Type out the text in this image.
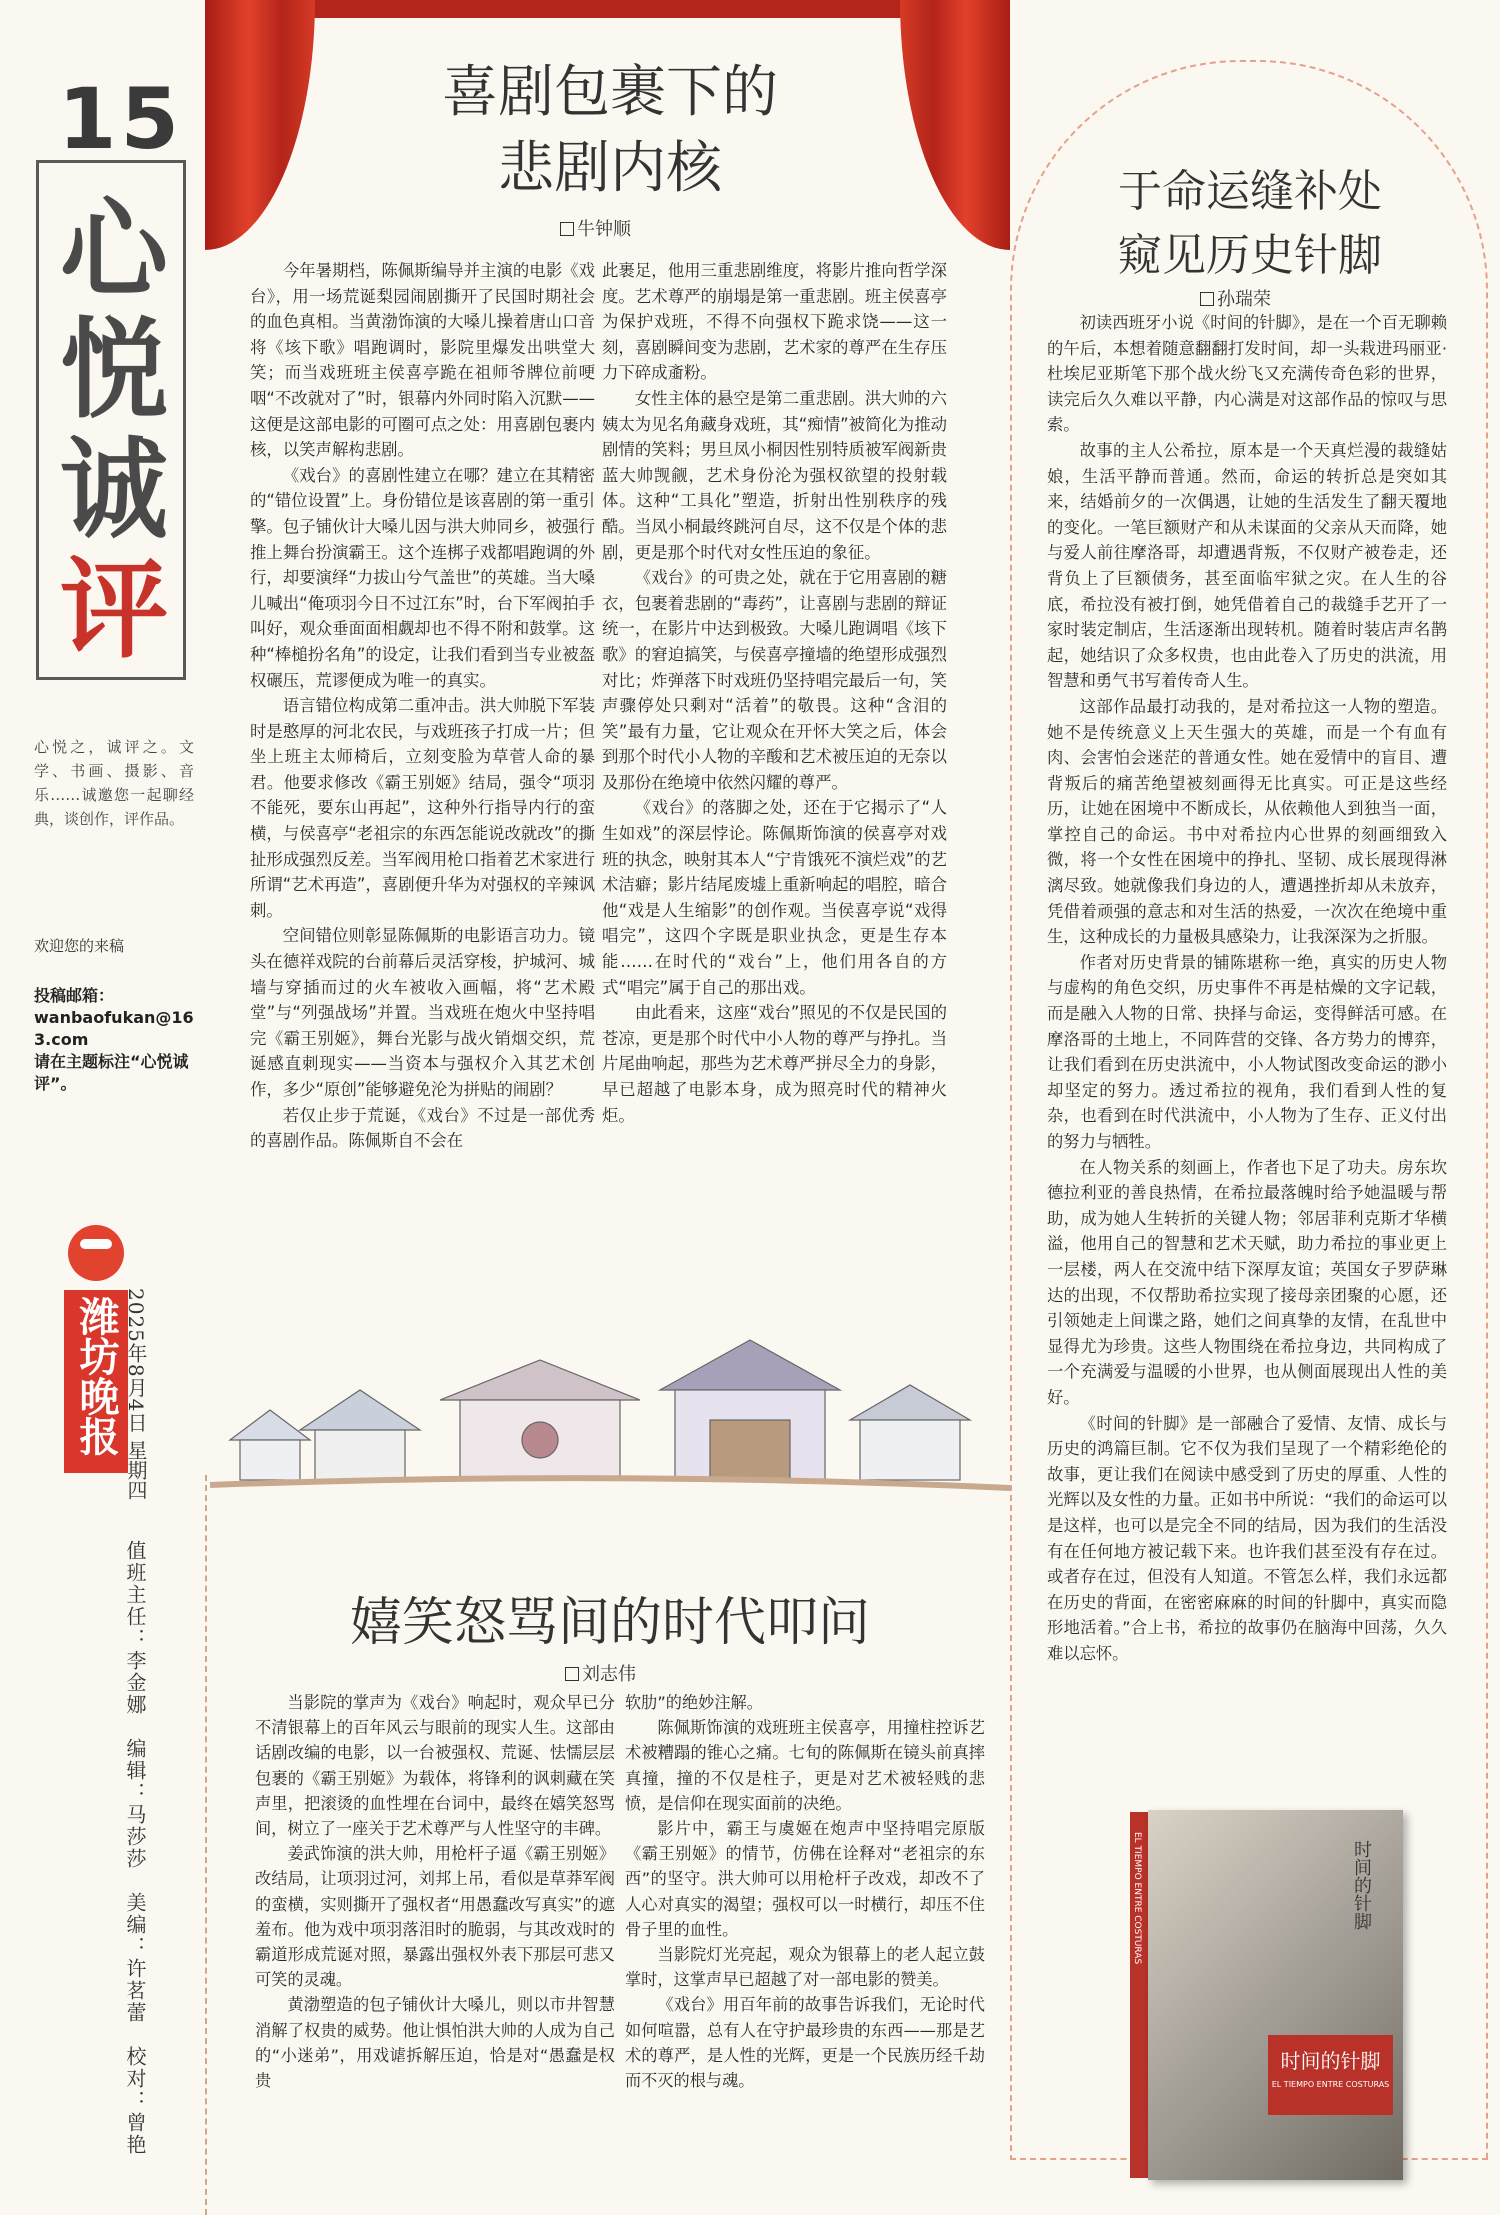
15
心
悦
诚
评
心悦之，诚评之。文学、书画、摄影、音乐……诚邀您一起聊经典，谈创作，评作品。
欢迎您的来稿
投稿邮箱：
wanbaofukan@163.com
请在主题标注“心悦诚评”。
潍坊晚报 2025年8月4日
星期四
值班主任：李金娜　编辑：马莎莎　美编：许茗蕾　校对：曾艳
喜剧包裹下的
悲剧内核
牛钟顺

今年暑期档，陈佩斯编导并主演的电影《戏台》，用一场荒诞梨园闹剧撕开了民国时期社会的血色真相。当黄渤饰演的大嗓儿操着唐山口音将《垓下歌》唱跑调时，影院里爆发出哄堂大笑；而当戏班班主侯喜亭跪在祖师爷牌位前哽咽“不改就对了”时，银幕内外同时陷入沉默——这便是这部电影的可圈可点之处：用喜剧包裹内核，以笑声解构悲剧。

《戏台》的喜剧性建立在哪？建立在其精密的“错位设置”上。身份错位是该喜剧的第一重引擎。包子铺伙计大嗓儿因与洪大帅同乡，被强行推上舞台扮演霸王。这个连梆子戏都唱跑调的外行，却要演绎“力拔山兮气盖世”的英雄。当大嗓儿喊出“俺项羽今日不过江东”时，台下军阀拍手叫好，观众垂面面相觑却也不得不附和鼓掌。这种“棒槌扮名角”的设定，让我们看到当专业被盔权碾压，荒谬便成为唯一的真实。

语言错位构成第二重冲击。洪大帅脱下军装时是憨厚的河北农民，与戏班孩子打成一片；但坐上班主太师椅后，立刻变脸为草菅人命的暴君。他要求修改《霸王别姬》结局，强令“项羽不能死，要东山再起”，这种外行指导内行的蛮横，与侯喜亭“老祖宗的东西怎能说改就改”的撕扯形成强烈反差。当军阀用枪口指着艺术家进行所谓“艺术再造”，喜剧便升华为对强权的辛辣讽刺。

空间错位则彰显陈佩斯的电影语言功力。镜头在德祥戏院的台前幕后灵活穿梭，护城河、城墙与穿插而过的火车被收入画幅，将“艺术殿堂”与“列强战场”并置。当戏班在炮火中坚持唱完《霸王别姬》，舞台光影与战火销烟交织，荒诞感直刺现实——当资本与强权介入其艺术创作，多少“原创”能够避免沦为拼贴的闹剧？

若仅止步于荒诞，《戏台》不过是一部优秀的喜剧作品。陈佩斯自不会在

此裹足，他用三重悲剧维度，将影片推向哲学深度。艺术尊严的崩塌是第一重悲剧。班主侯喜亭为保护戏班，不得不向强权下跪求饶——这一刻，喜剧瞬间变为悲剧，艺术家的尊严在生存压力下碎成齑粉。

女性主体的悬空是第二重悲剧。洪大帅的六姨太为见名角藏身戏班，其“痴情”被简化为推动剧情的笑料；男旦凤小桐因性别特质被军阀新贵蓝大帅觊觎，艺术身份沦为强权欲望的投射载体。这种“工具化”塑造，折射出性别秩序的残酷。当凤小桐最终跳河自尽，这不仅是个体的悲剧，更是那个时代对女性压迫的象征。

《戏台》的可贵之处，就在于它用喜剧的糖衣，包裹着悲剧的“毒药”，让喜剧与悲剧的辩证统一，在影片中达到极致。大嗓儿跑调唱《垓下歌》的窘迫搞笑，与侯喜亭撞墙的绝望形成强烈对比；炸弹落下时戏班仍坚持唱完最后一句，笑声骤停处只剩对“活着”的敬畏。这种“含泪的笑”最有力量，它让观众在开怀大笑之后，体会到那个时代小人物的辛酸和艺术被压迫的无奈以及那份在绝境中依然闪耀的尊严。

《戏台》的落脚之处，还在于它揭示了“人生如戏”的深层悖论。陈佩斯饰演的侯喜亭对戏班的执念，映射其本人“宁肯饿死不演烂戏”的艺术洁癖；影片结尾废墟上重新响起的唱腔，暗合他“戏是人生缩影”的创作观。当侯喜亭说“戏得唱完”，这四个字既是职业执念，更是生存本能……在时代的“戏台”上，他们用各自的方式“唱完”属于自己的那出戏。

由此看来，这座“戏台”照见的不仅是民国的苍凉，更是那个时代中小人物的尊严与挣扎。当片尾曲响起，那些为艺术尊严拼尽全力的身影，早已超越了电影本身，成为照亮时代的精神火炬。

嬉笑怒骂间的时代叩问
刘志伟

当影院的掌声为《戏台》响起时，观众早已分不清银幕上的百年风云与眼前的现实人生。这部由话剧改编的电影，以一台被强权、荒诞、怯懦层层包裹的《霸王别姬》为载体，将锋利的讽刺藏在笑声里，把滚烫的血性埋在台词中，最终在嬉笑怒骂间，树立了一座关于艺术尊严与人性坚守的丰碑。

姜武饰演的洪大帅，用枪杆子逼《霸王别姬》改结局，让项羽过河，刘邦上吊，看似是草莽军阀的蛮横，实则撕开了强权者“用愚蠢改写真实”的遮羞布。他为戏中项羽落泪时的脆弱，与其改戏时的霸道形成荒诞对照，暴露出强权外表下那层可悲又可笑的灵魂。

黄渤塑造的包子铺伙计大嗓儿，则以市井智慧消解了权贵的威势。他让惧怕洪大帅的人成为自己的“小迷弟”，用戏谑拆解压迫，恰是对“愚蠢是权贵

软肋”的绝妙注解。

陈佩斯饰演的戏班班主侯喜亭，用撞柱控诉艺术被糟蹋的锥心之痛。七旬的陈佩斯在镜头前真摔真撞，撞的不仅是柱子，更是对艺术被轻贱的悲愤，是信仰在现实面前的决绝。

影片中，霸王与虞姬在炮声中坚持唱完原版《霸王别姬》的情节，仿佛在诠释对“老祖宗的东西”的坚守。洪大帅可以用枪杆子改戏，却改不了人心对真实的渴望；强权可以一时横行，却压不住骨子里的血性。

当影院灯光亮起，观众为银幕上的老人起立鼓掌时，这掌声早已超越了对一部电影的赞美。

《戏台》用百年前的故事告诉我们，无论时代如何喧嚣，总有人在守护最珍贵的东西——那是艺术的尊严，是人性的光辉，更是一个民族历经千劫而不灭的根与魂。

于命运缝补处
窥见历史针脚
孙瑞荣

初读西班牙小说《时间的针脚》，是在一个百无聊赖的午后，本想着随意翻翻打发时间，却一头栽进玛丽亚·杜埃尼亚斯笔下那个战火纷飞又充满传奇色彩的世界，读完后久久难以平静，内心满是对这部作品的惊叹与思索。

故事的主人公希拉，原本是一个天真烂漫的裁缝姑娘，生活平静而普通。然而，命运的转折总是突如其来，结婚前夕的一次偶遇，让她的生活发生了翻天覆地的变化。一笔巨额财产和从未谋面的父亲从天而降，她与爱人前往摩洛哥，却遭遇背叛，不仅财产被卷走，还背负上了巨额债务，甚至面临牢狱之灾。在人生的谷底，希拉没有被打倒，她凭借着自己的裁缝手艺开了一家时装定制店，生活逐渐出现转机。随着时装店声名鹊起，她结识了众多权贵，也由此卷入了历史的洪流，用智慧和勇气书写着传奇人生。

这部作品最打动我的，是对希拉这一人物的塑造。她不是传统意义上天生强大的英雄，而是一个有血有肉、会害怕会迷茫的普通女性。她在爱情中的盲目、遭背叛后的痛苦绝望被刻画得无比真实。可正是这些经历，让她在困境中不断成长，从依赖他人到独当一面，掌控自己的命运。书中对希拉内心世界的刻画细致入微，将一个女性在困境中的挣扎、坚韧、成长展现得淋漓尽致。她就像我们身边的人，遭遇挫折却从未放弃，凭借着顽强的意志和对生活的热爱，一次次在绝境中重生，这种成长的力量极具感染力，让我深深为之折服。

作者对历史背景的铺陈堪称一绝，真实的历史人物与虚构的角色交织，历史事件不再是枯燥的文字记载，而是融入人物的日常、抉择与命运，变得鲜活可感。在摩洛哥的土地上，不同阵营的交锋、各方势力的博弈，让我们看到在历史洪流中，小人物试图改变命运的渺小却坚定的努力。透过希拉的视角，我们看到人性的复杂，也看到在时代洪流中，小人物为了生存、正义付出的努力与牺牲。

在人物关系的刻画上，作者也下足了功夫。房东坎德拉利亚的善良热情，在希拉最落魄时给予她温暖与帮助，成为她人生转折的关键人物；邻居菲利克斯才华横溢，他用自己的智慧和艺术天赋，助力希拉的事业更上一层楼，两人在交流中结下深厚友谊；英国女子罗萨琳达的出现，不仅帮助希拉实现了接母亲团聚的心愿，还引领她走上间谍之路，她们之间真挚的友情，在乱世中显得尤为珍贵。这些人物围绕在希拉身边，共同构成了一个充满爱与温暖的小世界，也从侧面展现出人性的美好。

《时间的针脚》是一部融合了爱情、友情、成长与历史的鸿篇巨制。它不仅为我们呈现了一个精彩绝伦的故事，更让我们在阅读中感受到了历史的厚重、人性的光辉以及女性的力量。正如书中所说：“我们的命运可以是这样，也可以是完全不同的结局，因为我们的生活没有在任何地方被记载下来。也许我们甚至没有存在过。或者存在过，但没有人知道。不管怎么样，我们永远都在历史的背面，在密密麻麻的时间的针脚中，真实而隐形地活着。”合上书，希拉的故事仍在脑海中回荡，久久难以忘怀。

EL TIEMPO ENTRE COSTURAS	时间的针脚
时间的针脚
EL TIEMPO ENTRE COSTURAS
